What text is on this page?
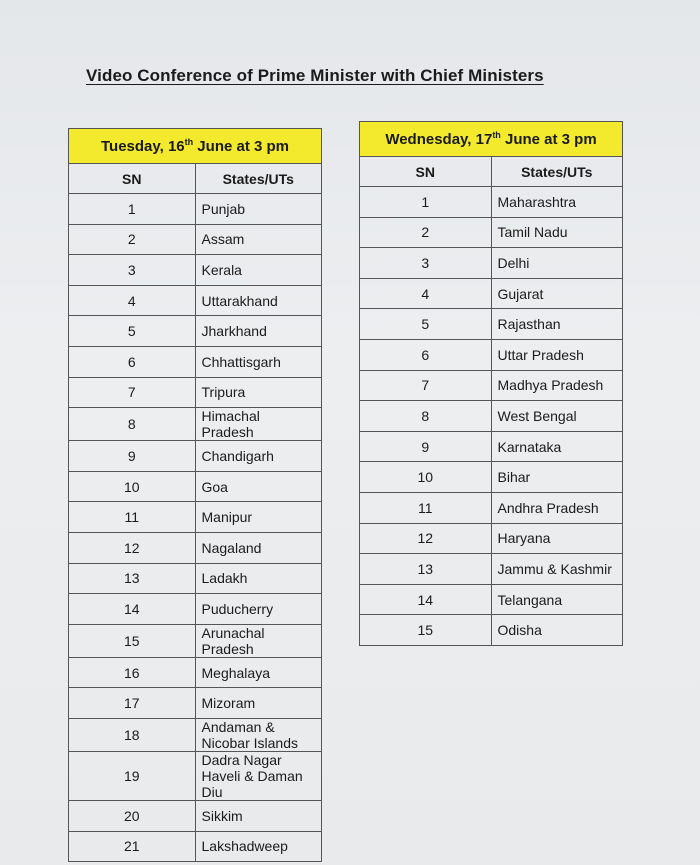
Video Conference of Prime Minister with Chief Ministers
Tuesday, 16th June at 3 pm	
SN	States/UTs
1	Punjab
2	Assam
3	Kerala
4	Uttarakhand
5	Jharkhand
6	Chhattisgarh
7	Tripura
8	Himachal Pradesh
9	Chandigarh
10	Goa
11	Manipur
12	Nagaland
13	Ladakh
14	Puducherry
15	Arunachal Pradesh
16	Meghalaya
17	Mizoram
18	Andaman & Nicobar Islands
19	Dadra Nagar Haveli & Daman Diu
20	Sikkim
21	Lakshadweep
Wednesday, 17th June at 3 pm	
SN	States/UTs
1	Maharashtra
2	Tamil Nadu
3	Delhi
4	Gujarat
5	Rajasthan
6	Uttar Pradesh
7	Madhya Pradesh
8	West Bengal
9	Karnataka
10	Bihar
11	Andhra Pradesh
12	Haryana
13	Jammu & Kashmir
14	Telangana
15	Odisha
